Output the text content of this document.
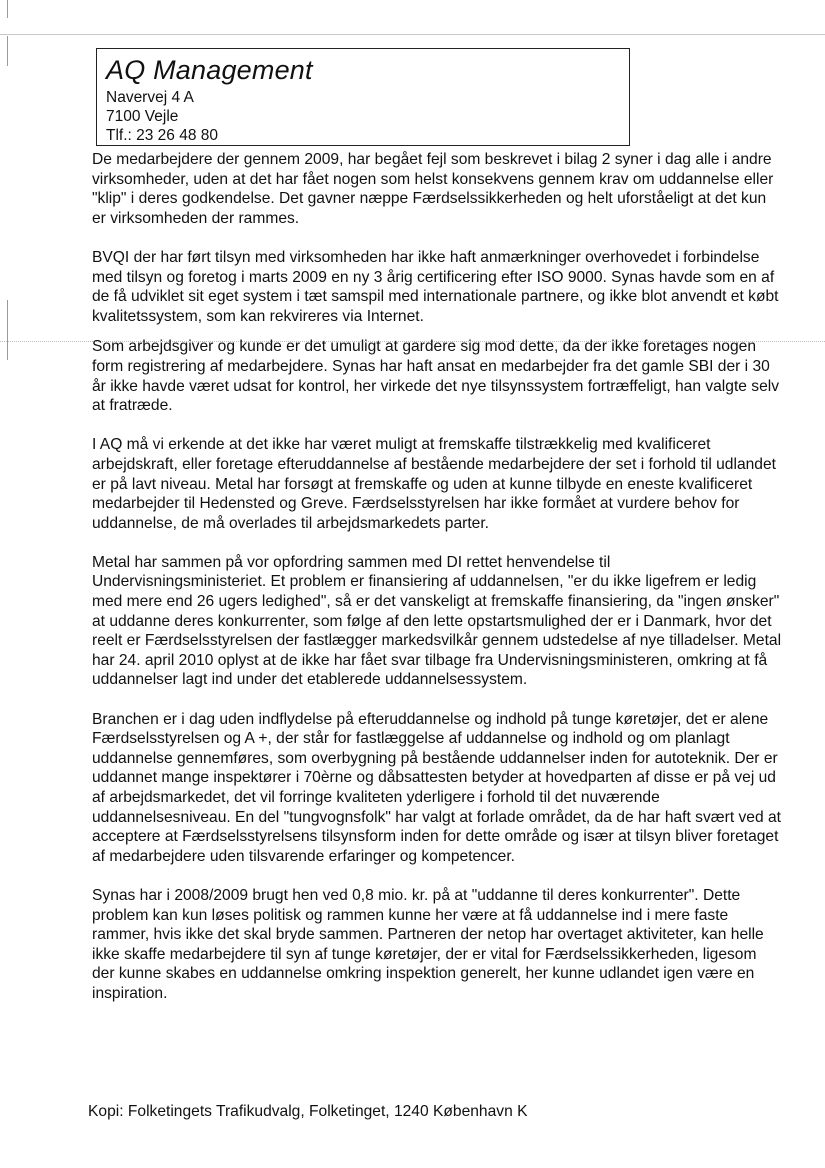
AQ Management
Navervej 4 A
7100 Vejle
Tlf.: 23 26 48 80

De medarbejdere der gennem 2009, har begået fejl som beskrevet i bilag 2 syner i dag alle i andre virksomheder, uden at det har fået nogen som helst konsekvens gennem krav om uddannelse eller "klip" i deres godkendelse. Det gavner næppe Færdselssikkerheden og helt uforståeligt at det kun er virksomheden der rammes.

BVQI der har ført tilsyn med virksomheden har ikke haft anmærkninger overhovedet i forbindelse med tilsyn og foretog i marts 2009 en ny 3 årig certificering efter ISO 9000. Synas havde som en af de få udviklet sit eget system i tæt samspil med internationale partnere, og ikke blot anvendt et købt kvalitetssystem, som kan rekvireres via Internet.

Som arbejdsgiver og kunde er det umuligt at gardere sig mod dette, da der ikke foretages nogen form registrering af medarbejdere. Synas har haft ansat en medarbejder fra det gamle SBI der i 30 år ikke havde været udsat for kontrol, her virkede det nye tilsynssystem fortræffeligt, han valgte selv at fratræde.

I AQ må vi erkende at det ikke har været muligt at fremskaffe tilstrækkelig med kvalificeret arbejdskraft, eller foretage efteruddannelse af bestående medarbejdere der set i forhold til udlandet er på lavt niveau. Metal har forsøgt at fremskaffe og uden at kunne tilbyde en eneste kvalificeret medarbejder til Hedensted og Greve. Færdselsstyrelsen har ikke formået at vurdere behov for uddannelse, de må overlades til arbejdsmarkedets parter.

Metal har sammen på vor opfordring sammen med DI rettet henvendelse til Undervisningsministeriet. Et problem er finansiering af uddannelsen, "er du ikke ligefrem er ledig med mere end 26 ugers ledighed", så er det vanskeligt at fremskaffe finansiering, da "ingen ønsker" at uddanne deres konkurrenter, som følge af den lette opstartsmulighed der er i Danmark, hvor det reelt er Færdselsstyrelsen der fastlægger markedsvilkår gennem udstedelse af nye tilladelser. Metal har 24. april 2010 oplyst at de ikke har fået svar tilbage fra Undervisningsministeren, omkring at få uddannelser lagt ind under det etablerede uddannelsessystem.

Branchen er i dag uden indflydelse på efteruddannelse og indhold på tunge køretøjer, det er alene Færdselsstyrelsen og A +, der står for fastlæggelse af uddannelse og indhold og om planlagt uddannelse gennemføres, som overbygning på bestående uddannelser inden for autoteknik. Der er uddannet mange inspektører i 70èrne og dåbsattesten betyder at hovedparten af disse er på vej ud af arbejdsmarkedet, det vil forringe kvaliteten yderligere i forhold til det nuværende uddannelsesniveau. En del "tungvognsfolk" har valgt at forlade området, da de har haft svært ved at acceptere at Færdselsstyrelsens tilsynsform inden for dette område og især at tilsyn bliver foretaget af medarbejdere uden tilsvarende erfaringer og kompetencer.

Synas har i 2008/2009 brugt hen ved 0,8 mio. kr. på at "uddanne til deres konkurrenter". Dette problem kan kun løses politisk og rammen kunne her være at få uddannelse ind i mere faste rammer, hvis ikke det skal bryde sammen. Partneren der netop har overtaget aktiviteter, kan helle ikke skaffe medarbejdere til syn af tunge køretøjer, der er vital for Færdselssikkerheden, ligesom der kunne skabes en uddannelse omkring inspektion generelt, her kunne udlandet igen være en inspiration.

Kopi: Folketingets Trafikudvalg, Folketinget, 1240 København K
